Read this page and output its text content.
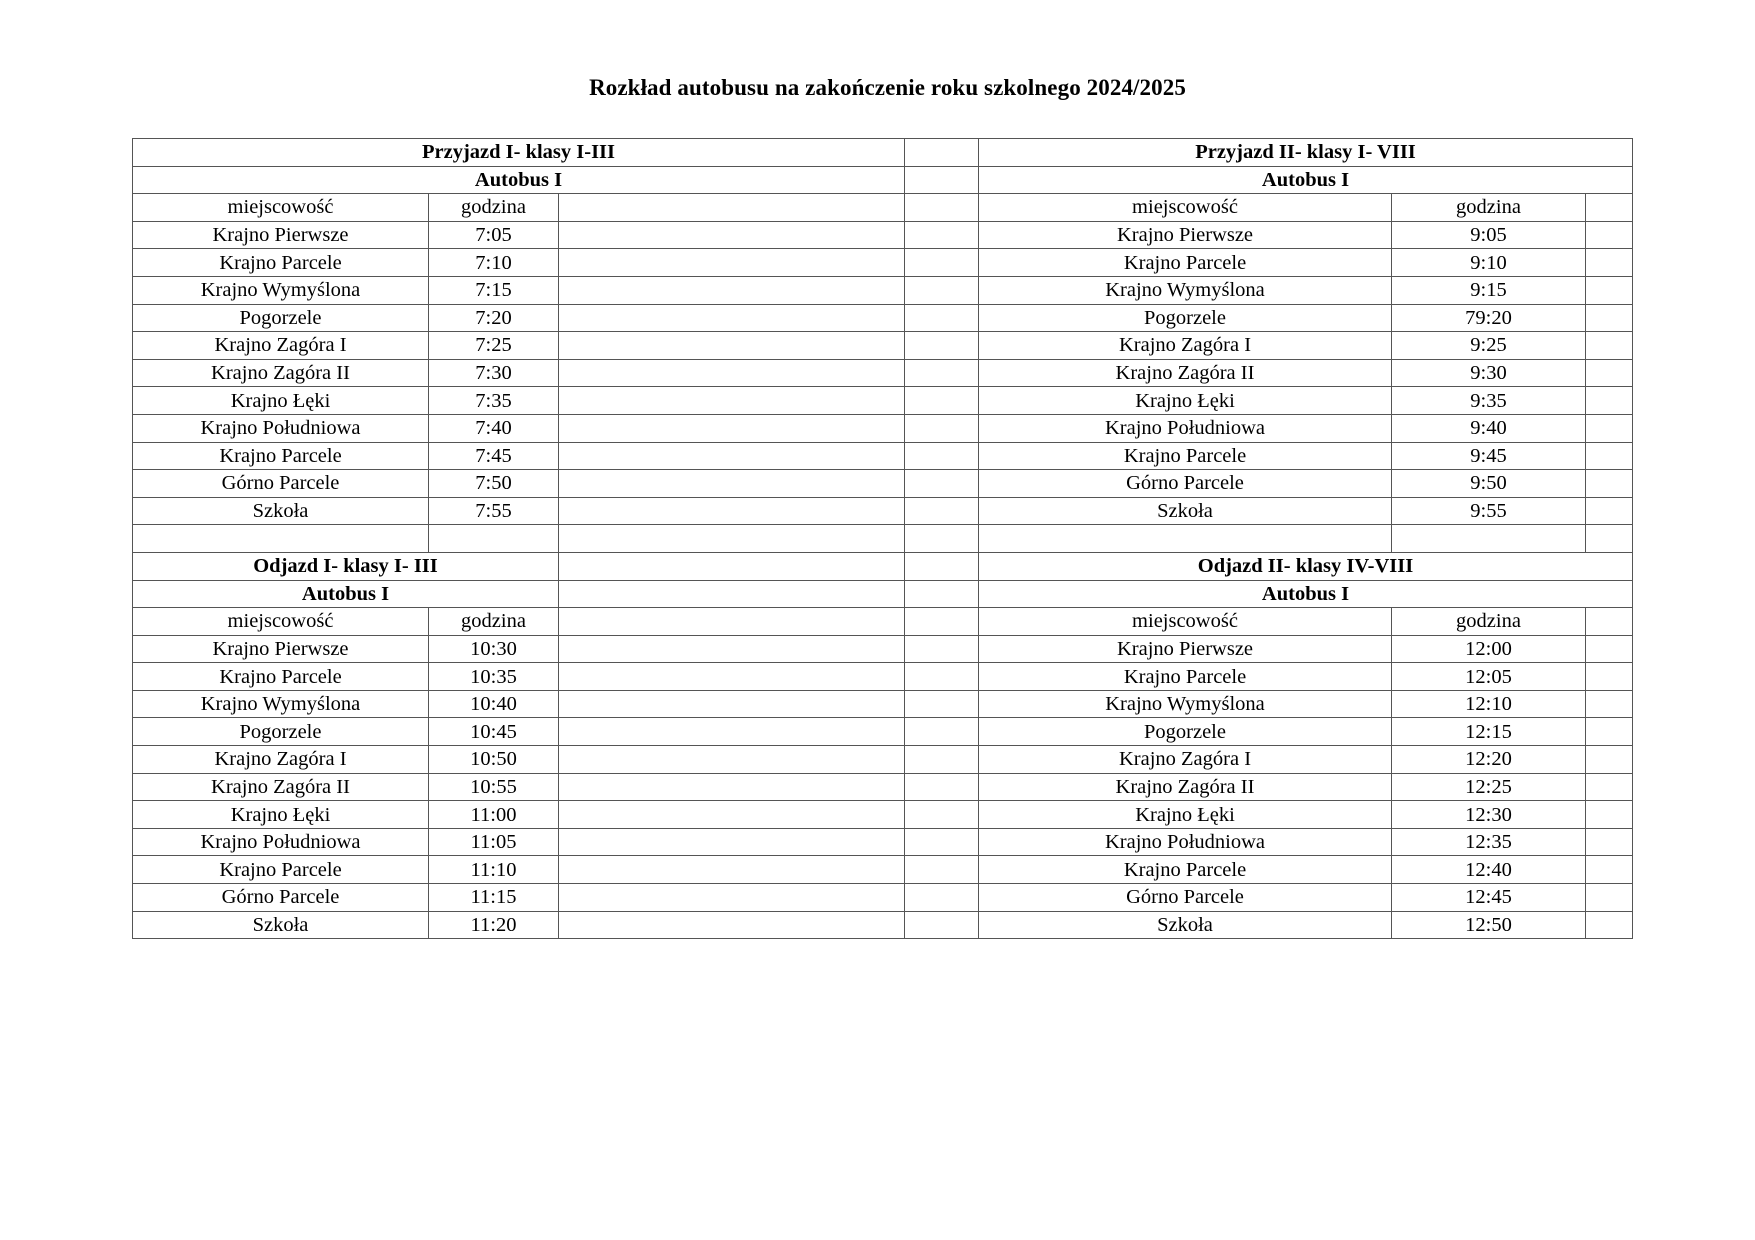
Rozkład autobusu na zakończenie roku szkolnego 2024/2025
Przyjazd I- klasy I-III				Przyjazd II- klasy I- VIII		
Autobus I				Autobus I		
miejscowość	godzina			miejscowość	godzina	
Krajno Pierwsze	7:05			Krajno Pierwsze	9:05	
Krajno Parcele	7:10			Krajno Parcele	9:10	
Krajno Wymyślona	7:15			Krajno Wymyślona	9:15	
Pogorzele	7:20			Pogorzele	79:20	
Krajno Zagóra I	7:25			Krajno Zagóra I	9:25	
Krajno Zagóra II	7:30			Krajno Zagóra II	9:30	
Krajno Łęki	7:35			Krajno Łęki	9:35	
Krajno Południowa	7:40			Krajno Południowa	9:40	
Krajno Parcele	7:45			Krajno Parcele	9:45	
Górno Parcele	7:50			Górno Parcele	9:50	
Szkoła	7:55			Szkoła	9:55	

Odjazd I- klasy I- III				Odjazd II- klasy IV-VIII		
Autobus I				Autobus I		
miejscowość	godzina			miejscowość	godzina	
Krajno Pierwsze	10:30			Krajno Pierwsze	12:00	
Krajno Parcele	10:35			Krajno Parcele	12:05	
Krajno Wymyślona	10:40			Krajno Wymyślona	12:10	
Pogorzele	10:45			Pogorzele	12:15	
Krajno Zagóra I	10:50			Krajno Zagóra I	12:20	
Krajno Zagóra II	10:55			Krajno Zagóra II	12:25	
Krajno Łęki	11:00			Krajno Łęki	12:30	
Krajno Południowa	11:05			Krajno Południowa	12:35	
Krajno Parcele	11:10			Krajno Parcele	12:40	
Górno Parcele	11:15			Górno Parcele	12:45	
Szkoła	11:20			Szkoła	12:50	
